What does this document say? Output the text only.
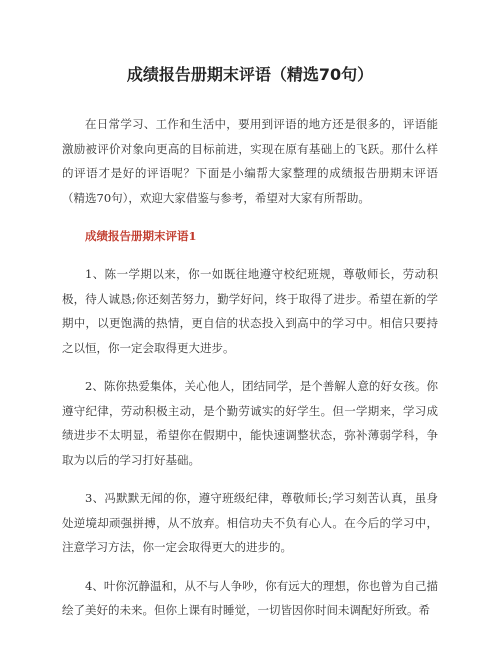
成绩报告册期末评语（精选70句）

在日常学习、工作和生活中，要用到评语的地方还是很多的，评语能激励被评价对象向更高的目标前进，实现在原有基础上的飞跃。那什么样的评语才是好的评语呢？下面是小编帮大家整理的成绩报告册期末评语（精选70句），欢迎大家借鉴与参考，希望对大家有所帮助。

成绩报告册期末评语1

1、陈一学期以来，你一如既往地遵守校纪班规，尊敬师长，劳动积极，待人诚恳;你还刻苦努力，勤学好问，终于取得了进步。希望在新的学期中，以更饱满的热情，更自信的状态投入到高中的学习中。相信只要持之以恒，你一定会取得更大进步。

2、陈你热爱集体，关心他人，团结同学，是个善解人意的好女孩。你遵守纪律，劳动积极主动，是个勤劳诚实的好学生。但一学期来，学习成绩进步不太明显，希望你在假期中，能快速调整状态，弥补薄弱学科，争取为以后的学习打好基础。

3、冯默默无闻的你，遵守班级纪律，尊敬师长;学习刻苦认真，虽身处逆境却顽强拼搏，从不放弃。相信功夫不负有心人。在今后的学习中，注意学习方法，你一定会取得更大的进步的。

4、叶你沉静温和，从不与人争吵，你有远大的理想，你也曾为自己描绘了美好的未来。但你上课有时睡觉，一切皆因你时间未调配好所致。希
